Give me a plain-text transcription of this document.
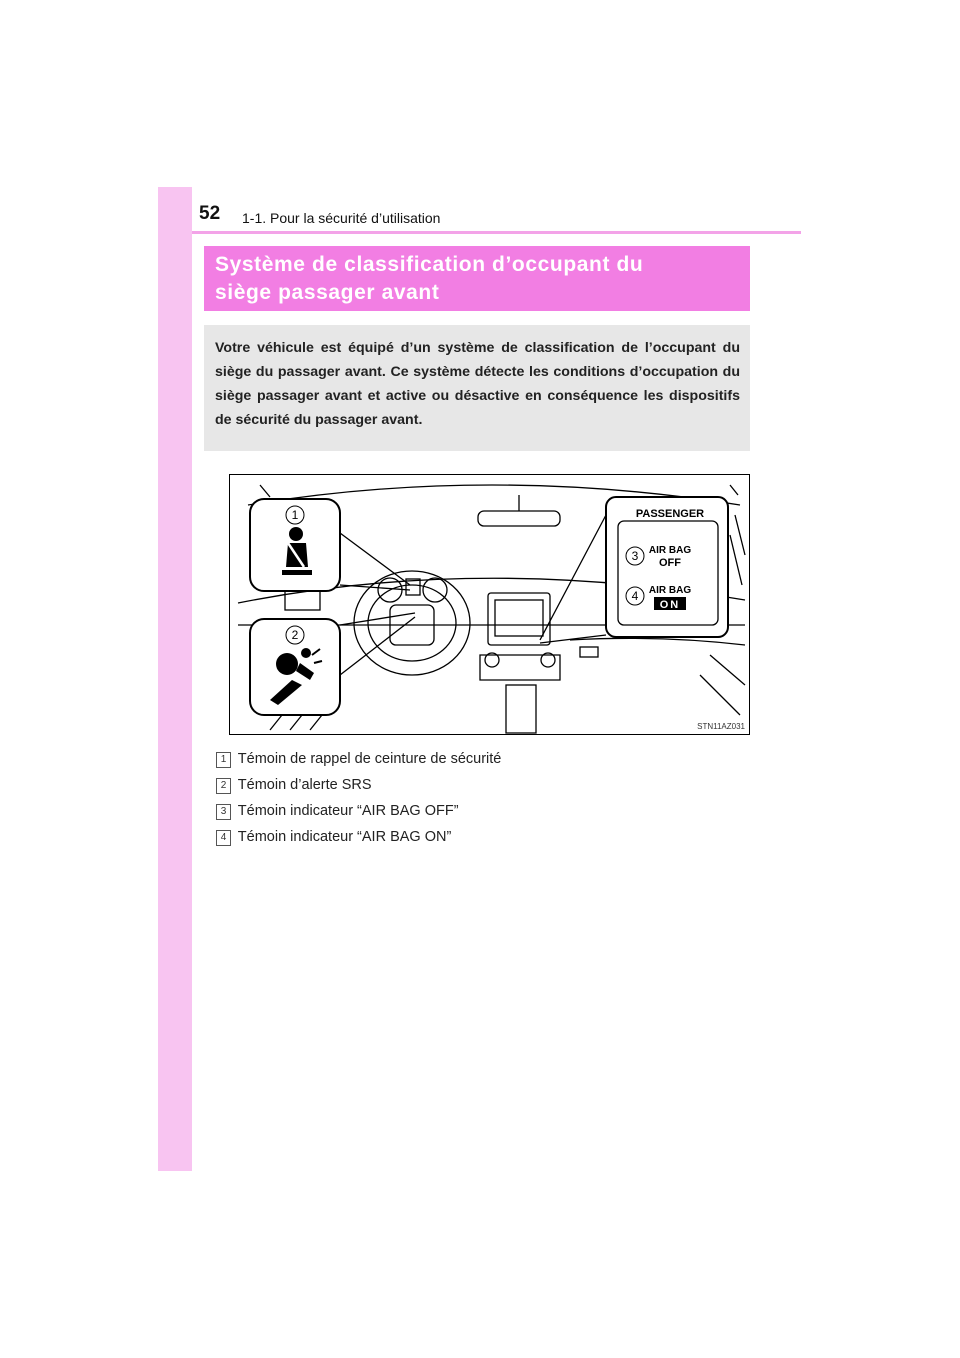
52 1-1. Pour la sécurité d’utilisation
Système de classification d’occupant du
siège passager avant
Votre véhicule est équipé d’un système de classification de l’occupant du siège du passager avant. Ce système détecte les conditions d’occupation du siège passager avant et active ou désactive en conséquence les dispositifs de sécurité du passager avant.
1
2
3
4
PASSENGER
AIR BAG
OFF
AIR BAG
ON
STN11AZ031
1 Témoin de rappel de ceinture de sécurité
2 Témoin d’alerte SRS
3 Témoin indicateur “AIR BAG OFF”
4 Témoin indicateur “AIR BAG ON”
